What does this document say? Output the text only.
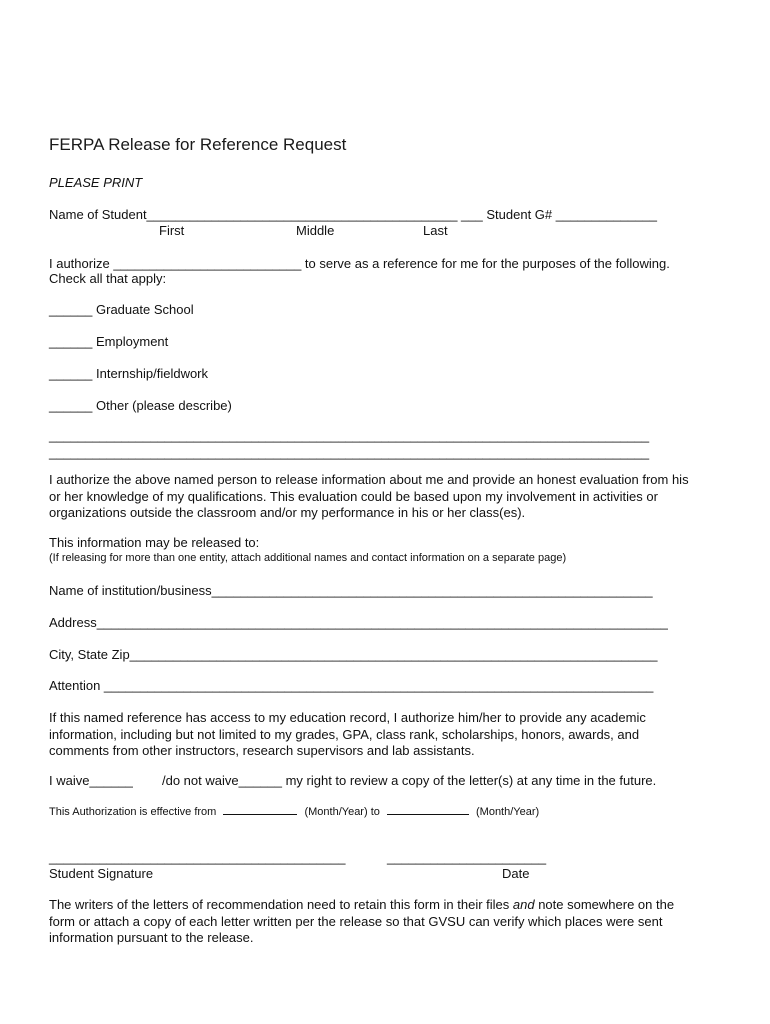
FERPA Release for Reference Request
PLEASE PRINT
Name of Student___________________________________________ ___ Student G# ______________
First	Middle	Last
I authorize __________________________ to serve as a reference for me for the purposes of the following.
Check all that apply:
______ Graduate School
______ Employment
______ Internship/fieldwork
______ Other (please describe)
___________________________________________________________________________________
___________________________________________________________________________________
I authorize the above named person to release information about me and provide an honest evaluation from his
or her knowledge of my qualifications. This evaluation could be based upon my involvement in activities or
organizations outside the classroom and/or my performance in his or her class(es).
This information may be released to:
(If releasing for more than one entity, attach additional names and contact information on a separate page)
Name of institution/business_____________________________________________________________
Address_______________________________________________________________________________
City, State Zip_________________________________________________________________________
Attention ____________________________________________________________________________
If this named reference has access to my education record, I authorize him/her to provide any academic
information, including but not limited to my grades, GPA, class rank, scholarships, honors, awards, and
comments from other instructors, research supervisors and lab assistants.
I waive______ /do not waive______ my right to review a copy of the letter(s) at any time in the future.
This Authorization is effective from	(Month/Year) to	(Month/Year)
_________________________________________	______________________
Student Signature	Date
The writers of the letters of recommendation need to retain this form in their files and note somewhere on the
form or attach a copy of each letter written per the release so that GVSU can verify which places were sent
information pursuant to the release.
